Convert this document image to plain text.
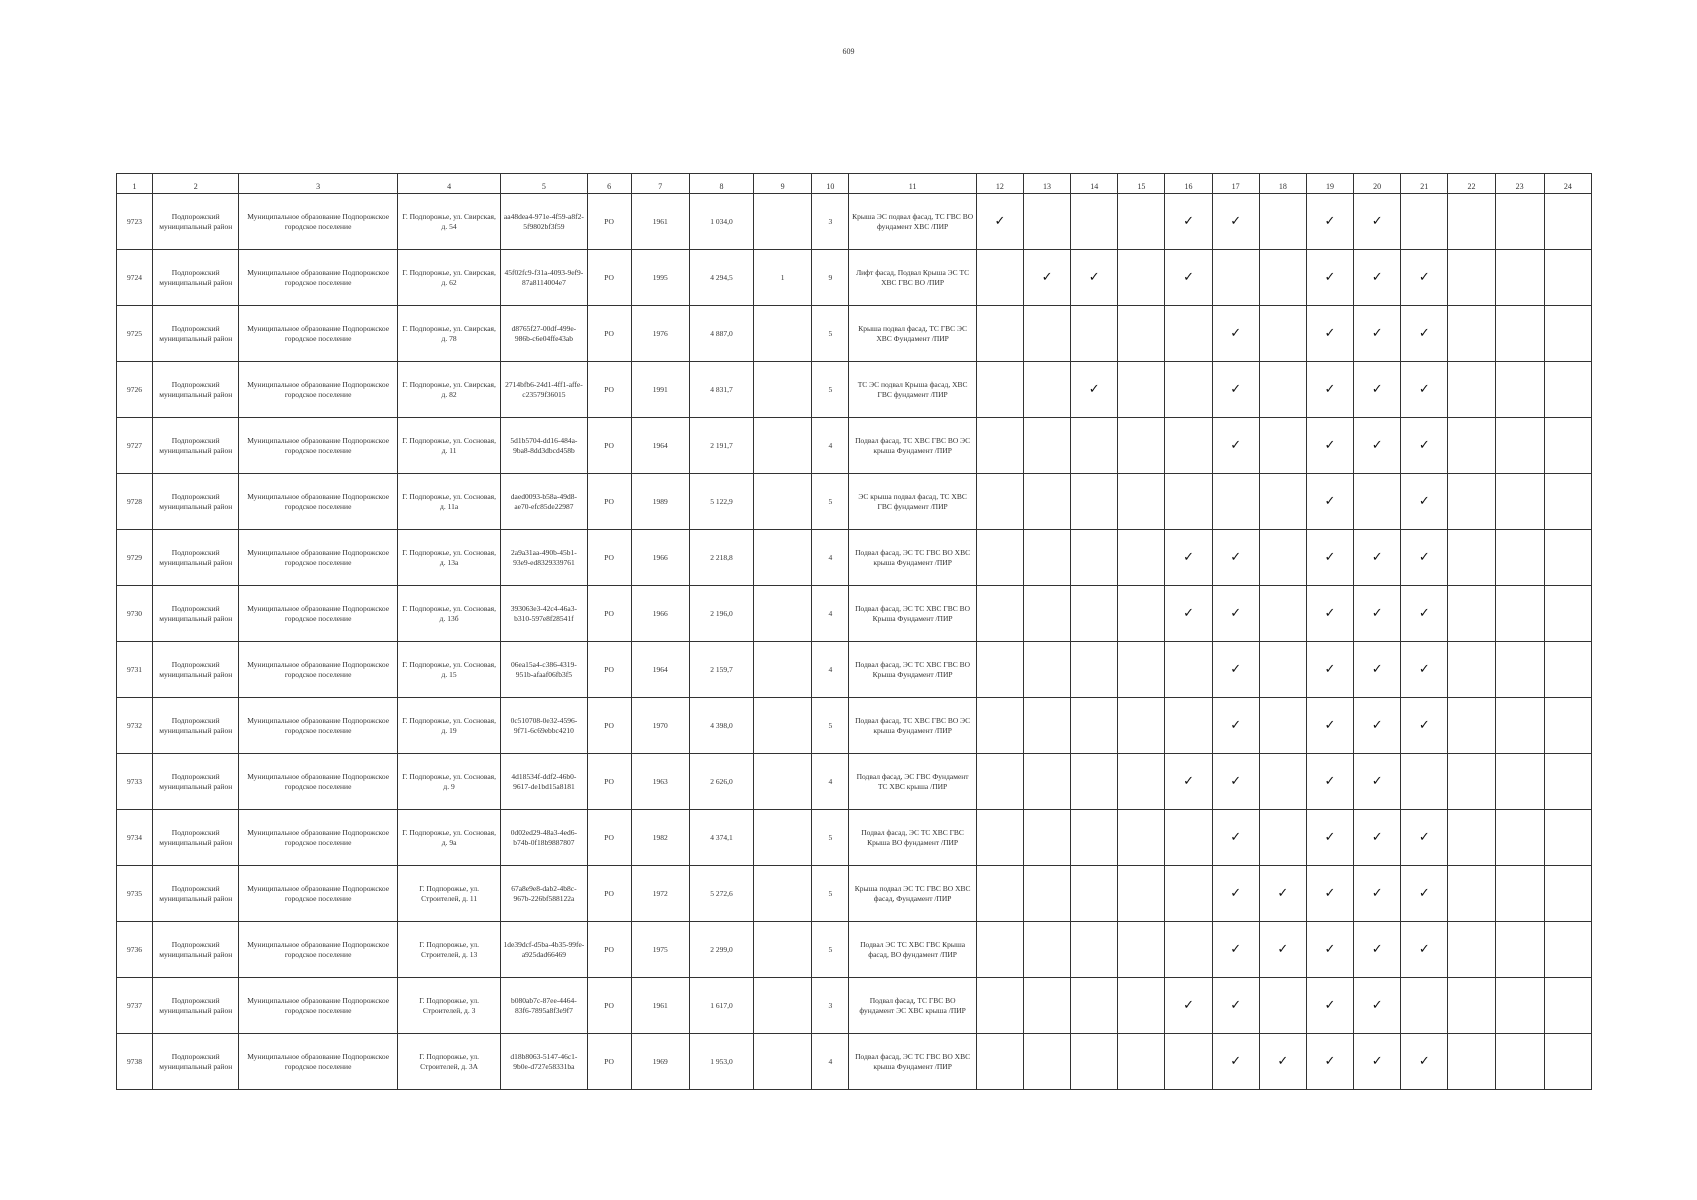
609
1	2	3	4	5	6	7	8	9	10	11	12	13	14	15	16	17	18	19	20	21	22	23	24
9723	Подпорожский муниципальный район	Муниципальное образование Подпорожское городское поселение	Г. Подпорожье, ул. Свирская, д. 54	aa48dea4-971e-4f59-a8f2-5f9802bf3f59	РО	1961	1 034,0		3	Крыша ЭС подвал фасад, ТС ГВС ВО фундамент ХВС /ПИР	✓				✓	✓		✓	✓				
9724	Подпорожский муниципальный район	Муниципальное образование Подпорожское городское поселение	Г. Подпорожье, ул. Свирская, д. 62	45f02fc9-f31a-4093-9ef9-87a8114004e7	РО	1995	4 294,5	1	9	Лифт фасад, Подвал Крыша ЭС ТС ХВС ГВС ВО /ПИР		✓	✓		✓			✓	✓	✓			
9725	Подпорожский муниципальный район	Муниципальное образование Подпорожское городское поселение	Г. Подпорожье, ул. Свирская, д. 78	d8765f27-00df-499e-986b-c6e04ffe43ab	РО	1976	4 887,0		5	Крыша подвал фасад, ТС ГВС ЭС ХВС Фундамент /ПИР						✓		✓	✓	✓			
9726	Подпорожский муниципальный район	Муниципальное образование Подпорожское городское поселение	Г. Подпорожье, ул. Свирская, д. 82	2714bfb6-24d1-4ff1-affe-c23579f36015	РО	1991	4 831,7		5	ТС ЭС подвал Крыша фасад, ХВС ГВС фундамент /ПИР			✓			✓		✓	✓	✓			
9727	Подпорожский муниципальный район	Муниципальное образование Подпорожское городское поселение	Г. Подпорожье, ул. Сосновая, д. 11	5d1b5704-dd16-484a-9ba8-8dd3dbcd458b	РО	1964	2 191,7		4	Подвал фасад, ТС ХВС ГВС ВО ЭС крыша Фундамент /ПИР						✓		✓	✓	✓			
9728	Подпорожский муниципальный район	Муниципальное образование Подпорожское городское поселение	Г. Подпорожье, ул. Сосновая, д. 11а	daed0093-b58a-49d8-ae70-efc85de22987	РО	1989	5 122,9		5	ЭС крыша подвал фасад, ТС ХВС ГВС фундамент /ПИР								✓		✓			
9729	Подпорожский муниципальный район	Муниципальное образование Подпорожское городское поселение	Г. Подпорожье, ул. Сосновая, д. 13а	2a9a31aa-490b-45b1-93e9-ed8329339761	РО	1966	2 218,8		4	Подвал фасад, ЭС ТС ГВС ВО ХВС крыша Фундамент /ПИР					✓	✓		✓	✓	✓			
9730	Подпорожский муниципальный район	Муниципальное образование Подпорожское городское поселение	Г. Подпорожье, ул. Сосновая, д. 13б	393063e3-42c4-46a3-b310-597e8f28541f	РО	1966	2 196,0		4	Подвал фасад, ЭС ТС ХВС ГВС ВО Крыша Фундамент /ПИР					✓	✓		✓	✓	✓			
9731	Подпорожский муниципальный район	Муниципальное образование Подпорожское городское поселение	Г. Подпорожье, ул. Сосновая, д. 15	06ea15a4-c386-4319-951b-afaaf06fb3f5	РО	1964	2 159,7		4	Подвал фасад, ЭС ТС ХВС ГВС ВО Крыша Фундамент /ПИР						✓		✓	✓	✓			
9732	Подпорожский муниципальный район	Муниципальное образование Подпорожское городское поселение	Г. Подпорожье, ул. Сосновая, д. 19	0c510708-0e32-4596-9f71-6c69ebbc4210	РО	1970	4 398,0		5	Подвал фасад, ТС ХВС ГВС ВО ЭС крыша Фундамент /ПИР						✓		✓	✓	✓			
9733	Подпорожский муниципальный район	Муниципальное образование Подпорожское городское поселение	Г. Подпорожье, ул. Сосновая, д. 9	4d18534f-ddf2-46b0-9617-de1bd15a8181	РО	1963	2 626,0		4	Подвал фасад, ЭС ГВС Фундамент ТС ХВС крыша /ПИР					✓	✓		✓	✓				
9734	Подпорожский муниципальный район	Муниципальное образование Подпорожское городское поселение	Г. Подпорожье, ул. Сосновая, д. 9а	0d02ed29-48a3-4ed6-b74b-0f18b9887807	РО	1982	4 374,1		5	Подвал фасад, ЭС ТС ХВС ГВС Крыша ВО фундамент /ПИР						✓		✓	✓	✓			
9735	Подпорожский муниципальный район	Муниципальное образование Подпорожское городское поселение	Г. Подпорожье, ул. Строителей, д. 11	67a8e9e8-dab2-4b8c-967b-226bf588122a	РО	1972	5 272,6		5	Крыша подвал ЭС ТС ГВС ВО ХВС фасад, Фундамент /ПИР						✓	✓	✓	✓	✓			
9736	Подпорожский муниципальный район	Муниципальное образование Подпорожское городское поселение	Г. Подпорожье, ул. Строителей, д. 13	1de39dcf-d5ba-4b35-99fe-a925dad66469	РО	1975	2 299,0		5	Подвал ЭС ТС ХВС ГВС Крыша фасад, ВО фундамент /ПИР						✓	✓	✓	✓	✓			
9737	Подпорожский муниципальный район	Муниципальное образование Подпорожское городское поселение	Г. Подпорожье, ул. Строителей, д. 3	b080ab7c-87ee-4464-83f6-7895a8f3e9f7	РО	1961	1 617,0		3	Подвал фасад, ТС ГВС ВО фундамент ЭС ХВС крыша /ПИР					✓	✓		✓	✓				
9738	Подпорожский муниципальный район	Муниципальное образование Подпорожское городское поселение	Г. Подпорожье, ул. Строителей, д. 3А	d18b8063-5147-46c1-9b0e-d727e58331ba	РО	1969	1 953,0		4	Подвал фасад, ЭС ТС ГВС ВО ХВС крыша Фундамент /ПИР						✓	✓	✓	✓	✓			
